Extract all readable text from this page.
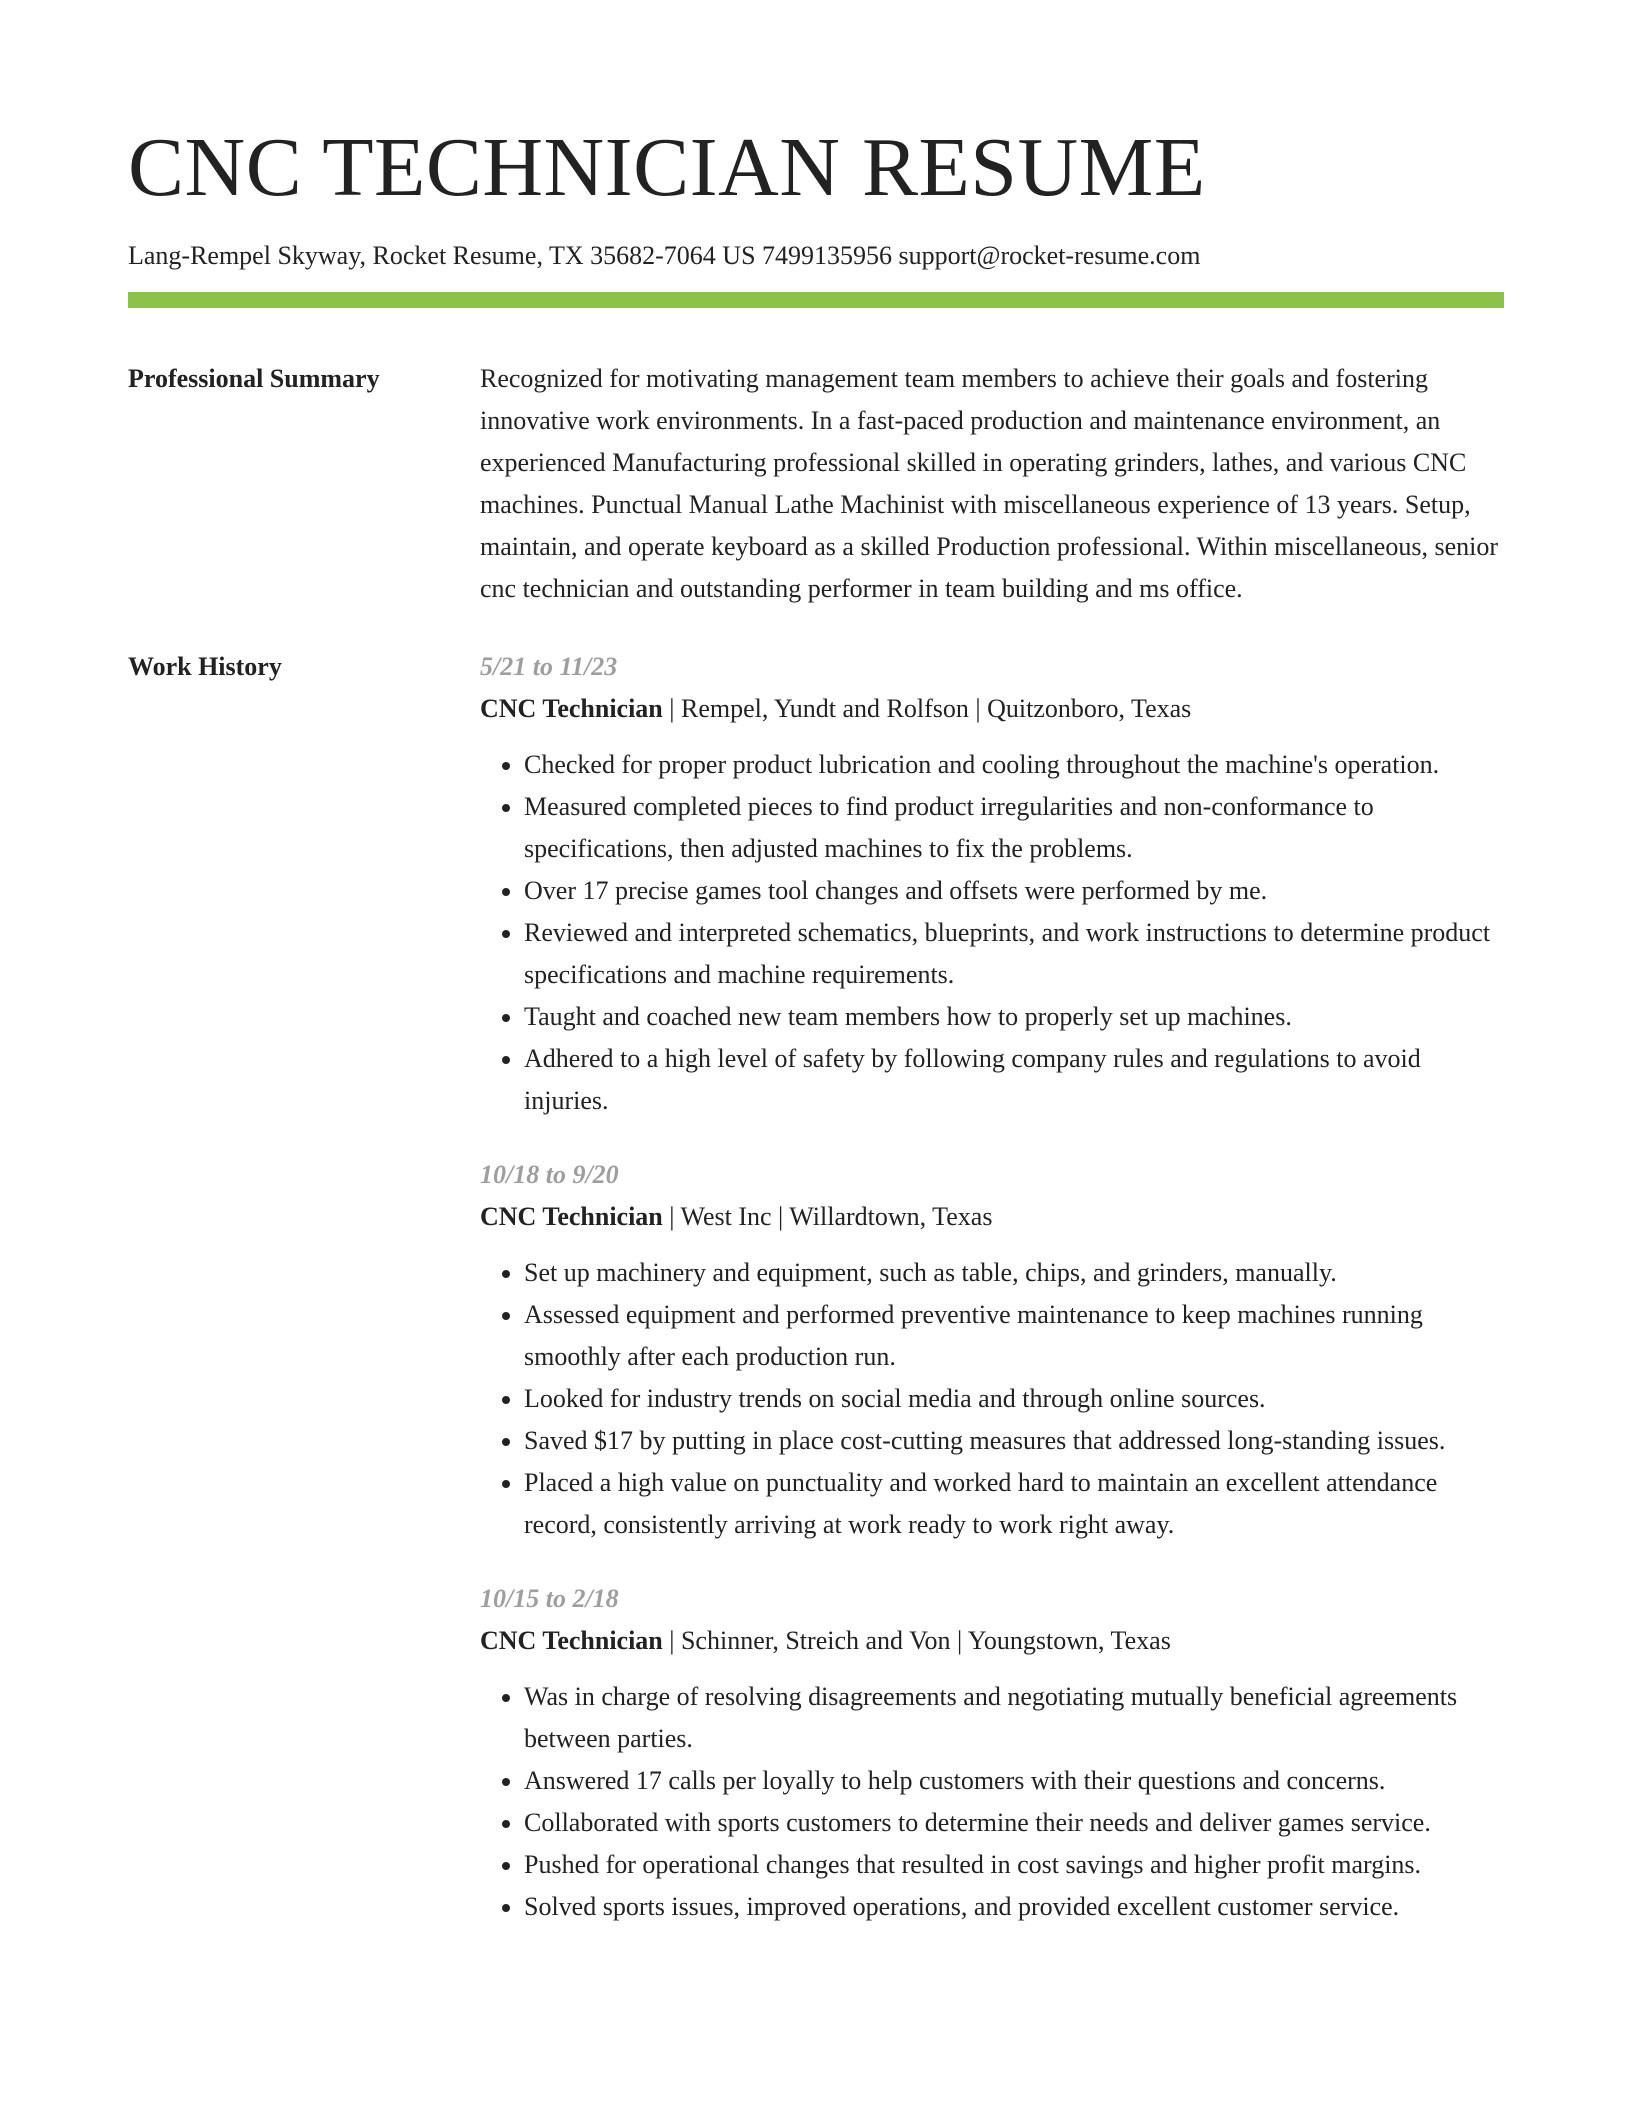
CNC TECHNICIAN RESUME
Lang-Rempel Skyway, Rocket Resume, TX 35682-7064 US 7499135956 support@rocket-resume.com
Professional Summary	Recognized for motivating management team members to achieve their goals and fostering innovative work environments. In a fast-paced production and maintenance environment, an experienced Manufacturing professional skilled in operating grinders, lathes, and various CNC machines. Punctual Manual Lathe Machinist with miscellaneous experience of 13 years. Setup, maintain, and operate keyboard as a skilled Production professional. Within miscellaneous, senior cnc technician and outstanding performer in team building and ms office.

Work History	5/21 to 11/23
CNC Technician | Rempel, Yundt and Rolfson | Quitzonboro, Texas
• Checked for proper product lubrication and cooling throughout the machine's operation.
• Measured completed pieces to find product irregularities and non-conformance to specifications, then adjusted machines to fix the problems.
• Over 17 precise games tool changes and offsets were performed by me.
• Reviewed and interpreted schematics, blueprints, and work instructions to determine product specifications and machine requirements.
• Taught and coached new team members how to properly set up machines.
• Adhered to a high level of safety by following company rules and regulations to avoid injuries.
10/18 to 9/20
CNC Technician | West Inc | Willardtown, Texas
• Set up machinery and equipment, such as table, chips, and grinders, manually.
• Assessed equipment and performed preventive maintenance to keep machines running smoothly after each production run.
• Looked for industry trends on social media and through online sources.
• Saved $17 by putting in place cost-cutting measures that addressed long-standing issues.
• Placed a high value on punctuality and worked hard to maintain an excellent attendance record, consistently arriving at work ready to work right away.
10/15 to 2/18
CNC Technician | Schinner, Streich and Von | Youngstown, Texas
• Was in charge of resolving disagreements and negotiating mutually beneficial agreements between parties.
• Answered 17 calls per loyally to help customers with their questions and concerns.
• Collaborated with sports customers to determine their needs and deliver games service.
• Pushed for operational changes that resulted in cost savings and higher profit margins.
• Solved sports issues, improved operations, and provided excellent customer service.
